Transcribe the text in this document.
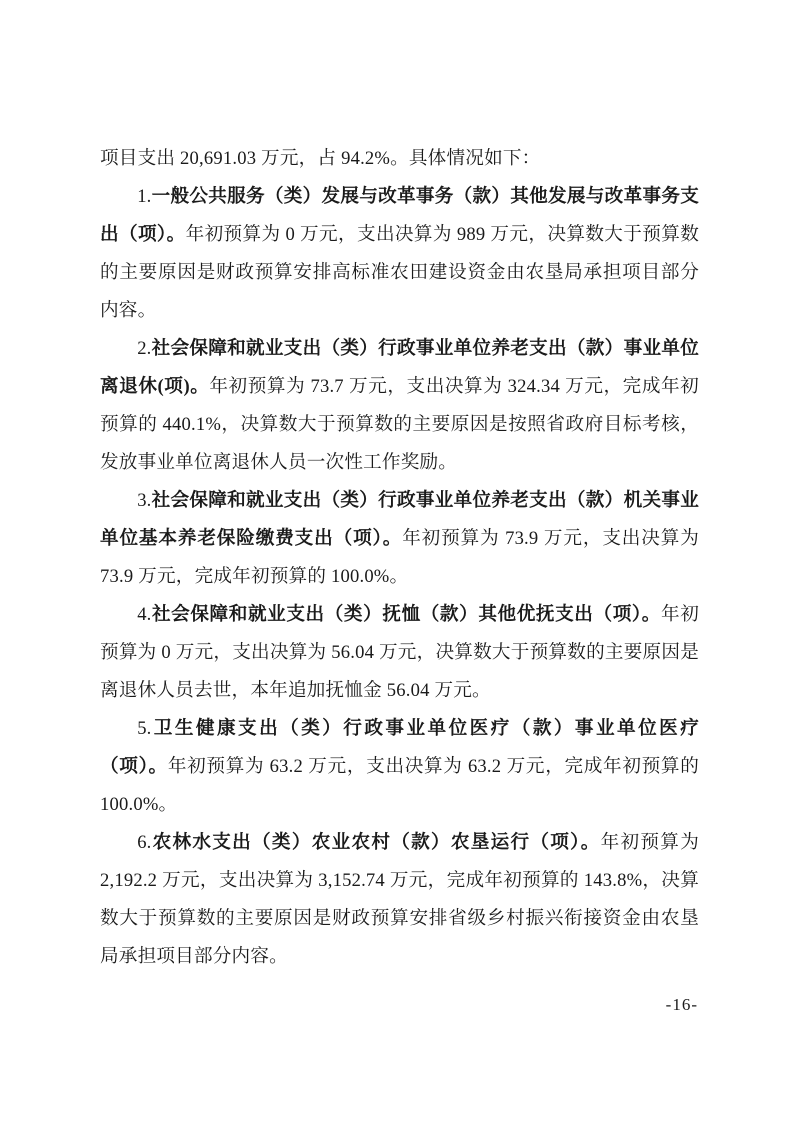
项目支出 20,691.03 万元，占 94.2%。具体情况如下：

1.一般公共服务（类）发展与改革事务（款）其他发展与改革事务支出（项）。年初预算为 0 万元，支出决算为 989 万元，决算数大于预算数的主要原因是财政预算安排高标准农田建设资金由农垦局承担项目部分内容。

2.社会保障和就业支出（类）行政事业单位养老支出（款）事业单位离退休(项)。年初预算为 73.7 万元，支出决算为 324.34 万元，完成年初预算的 440.1%，决算数大于预算数的主要原因是按照省政府目标考核，发放事业单位离退休人员一次性工作奖励。

3.社会保障和就业支出（类）行政事业单位养老支出（款）机关事业单位基本养老保险缴费支出（项）。年初预算为 73.9 万元，支出决算为 73.9 万元，完成年初预算的 100.0%。

4.社会保障和就业支出（类）抚恤（款）其他优抚支出（项）。年初预算为 0 万元，支出决算为 56.04 万元，决算数大于预算数的主要原因是离退休人员去世，本年追加抚恤金 56.04 万元。

5.卫生健康支出（类）行政事业单位医疗（款）事业单位医疗（项）。年初预算为 63.2 万元，支出决算为 63.2 万元，完成年初预算的 100.0%。

6.农林水支出（类）农业农村（款）农垦运行（项）。年初预算为 2,192.2 万元，支出决算为 3,152.74 万元，完成年初预算的 143.8%，决算数大于预算数的主要原因是财政预算安排省级乡村振兴衔接资金由农垦局承担项目部分内容。

-16-
